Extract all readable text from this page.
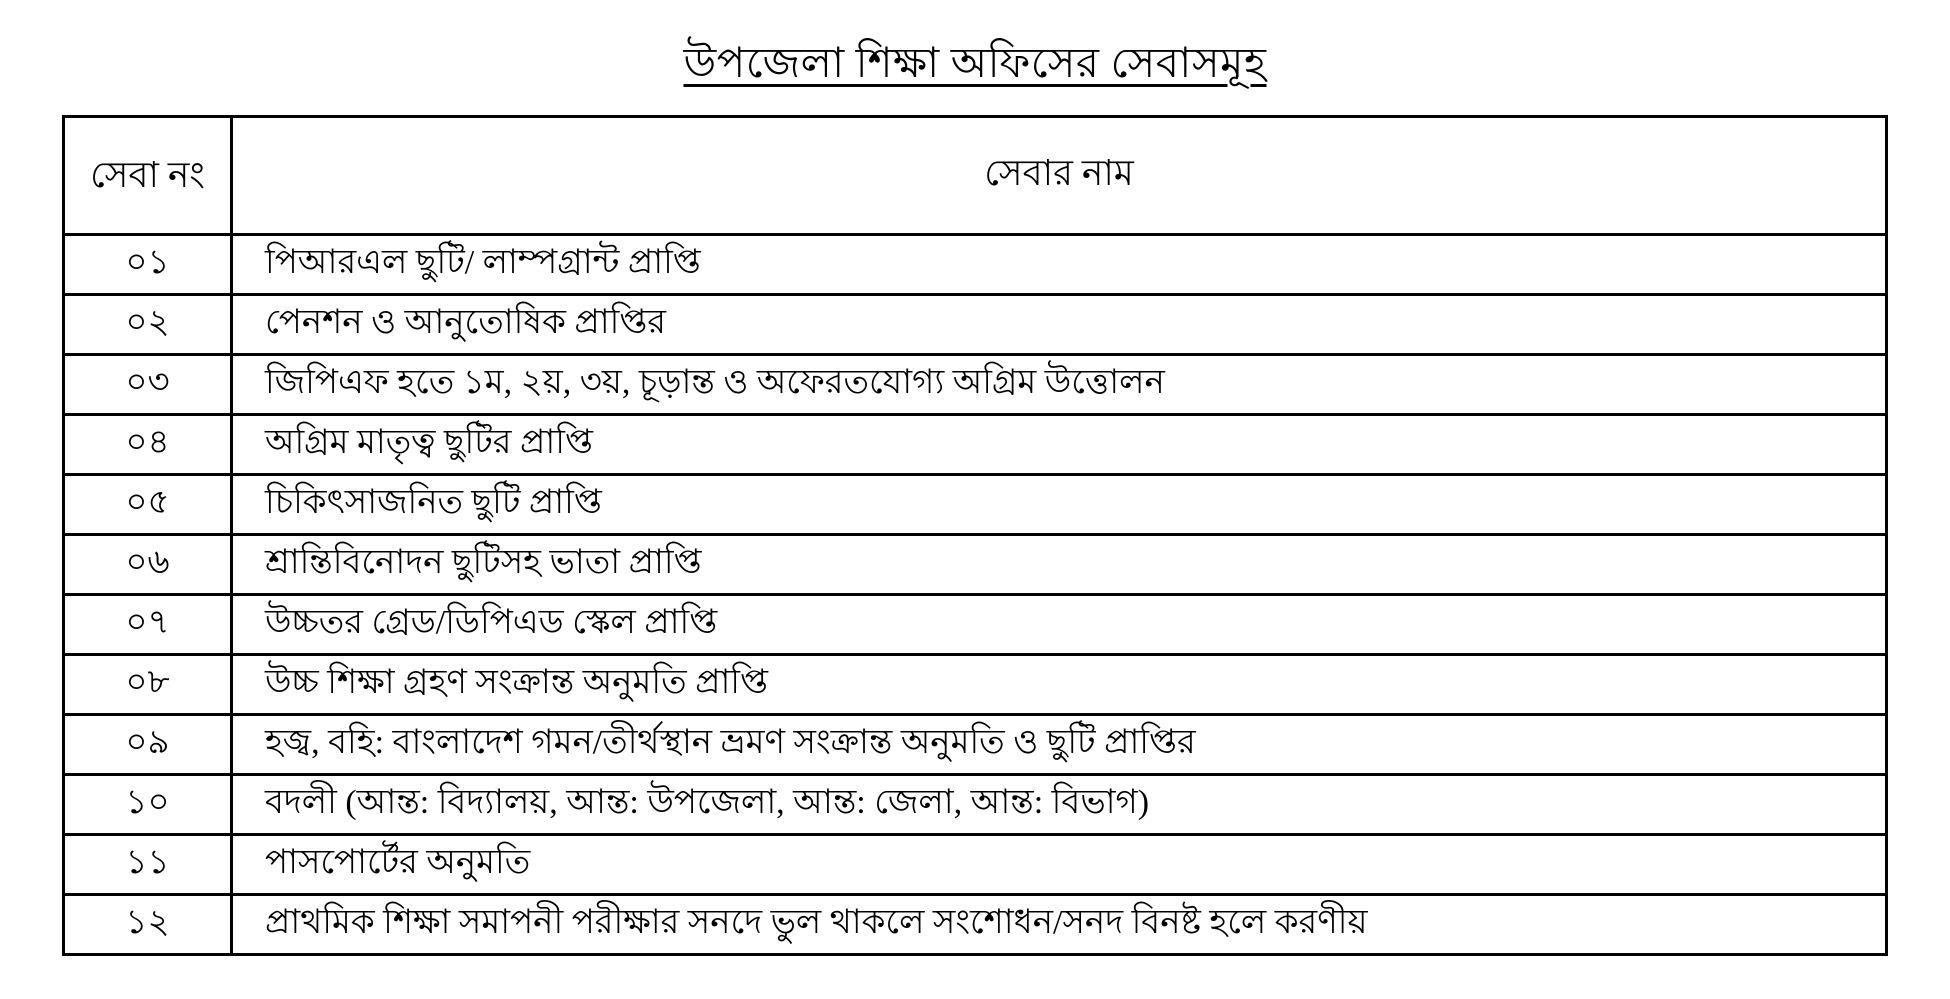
উপজেলা শিক্ষা অফিসের সেবাসমূহ
সেবা নং	সেবার নাম
০১	পিআরএল ছুটি/ লাম্পগ্রান্ট প্রাপ্তি
০২	পেনশন ও আনুতোষিক প্রাপ্তির
০৩	জিপিএফ হতে ১ম, ২য়, ৩য়, চূড়ান্ত ও অফেরতযোগ্য অগ্রিম উত্তোলন
০৪	অগ্রিম মাতৃত্ব ছুটির প্রাপ্তি
০৫	চিকিৎসাজনিত ছুটি প্রাপ্তি
০৬	শ্রান্তিবিনোদন ছুটিসহ ভাতা প্রাপ্তি
০৭	উচ্চতর গ্রেড/ডিপিএড স্কেল প্রাপ্তি
০৮	উচ্চ শিক্ষা গ্রহণ সংক্রান্ত অনুমতি প্রাপ্তি
০৯	হজ্ব, বহি: বাংলাদেশ গমন/তীর্থস্থান ভ্রমণ সংক্রান্ত অনুমতি ও ছুটি প্রাপ্তির
১০	বদলী (আন্ত: বিদ্যালয়, আন্ত: উপজেলা, আন্ত: জেলা, আন্ত: বিভাগ)
১১	পাসপোর্টের অনুমতি
১২	প্রাথমিক শিক্ষা সমাপনী পরীক্ষার সনদে ভুল থাকলে সংশোধন/সনদ বিনষ্ট হলে করণীয়
